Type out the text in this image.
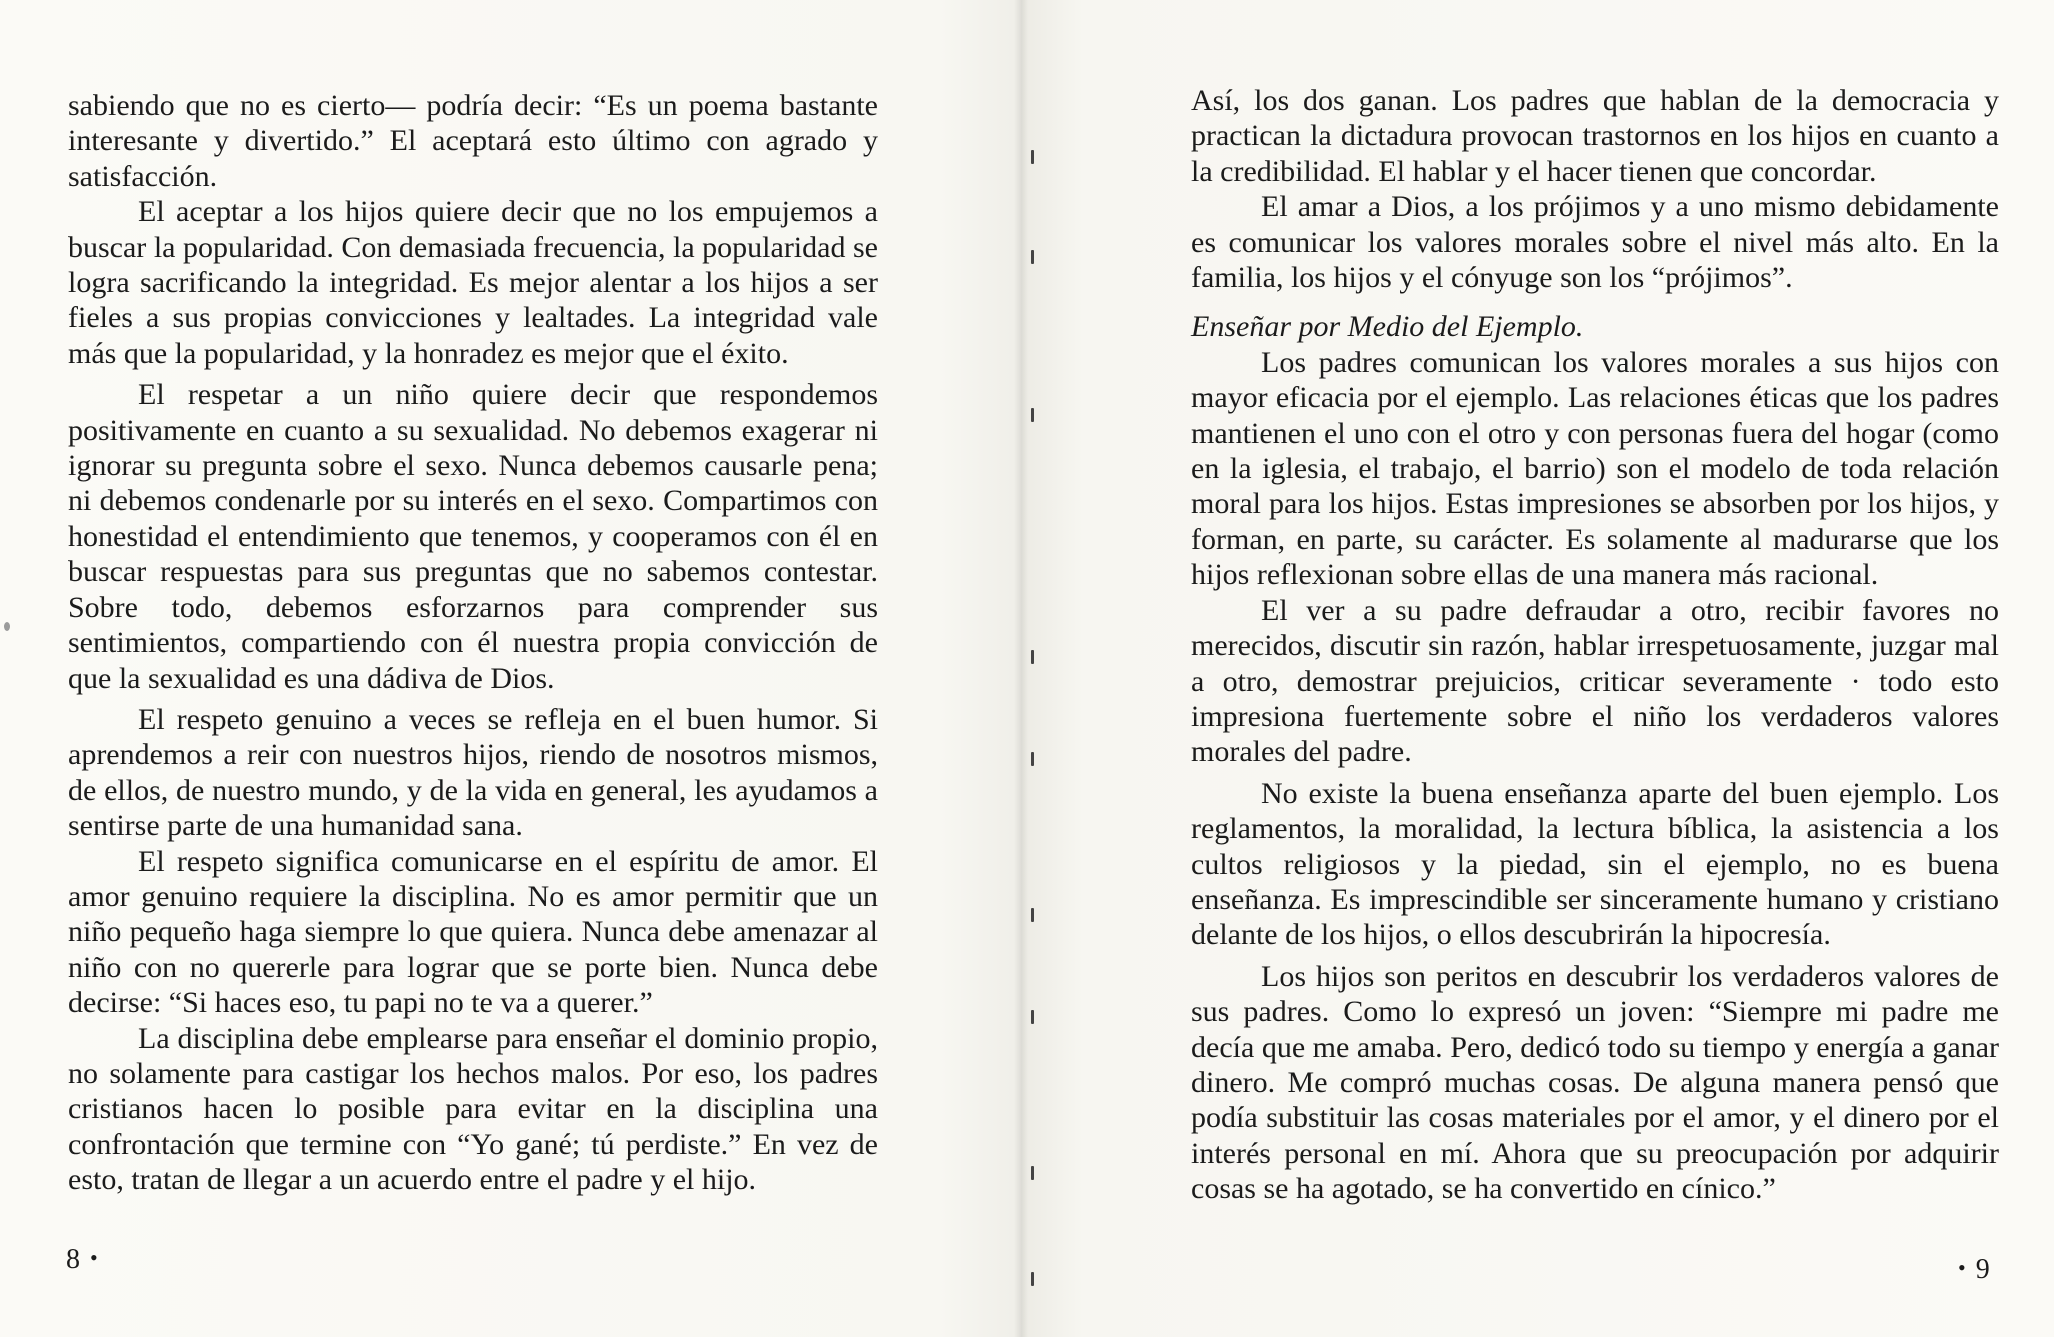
sabiendo que no es cierto— podría decir: “Es un poema bastante interesante y divertido.” El aceptará esto último con agrado y satisfacción.

El aceptar a los hijos quiere decir que no los empujemos a buscar la popularidad. Con demasiada frecuencia, la popularidad se logra sacrificando la integridad. Es mejor alentar a los hijos a ser fieles a sus propias convicciones y lealtades. La integridad vale más que la popularidad, y la honradez es mejor que el éxito.

El respetar a un niño quiere decir que respondemos positivamente en cuanto a su sexualidad. No debemos exagerar ni ignorar su pregunta sobre el sexo. Nunca debemos causarle pena; ni debemos condenarle por su interés en el sexo. Compartimos con honestidad el entendimiento que tenemos, y cooperamos con él en buscar respuestas para sus preguntas que no sabemos contestar. Sobre todo, debemos esforzarnos para comprender sus sentimientos, compartiendo con él nuestra propia convicción de que la sexualidad es una dádiva de Dios.

El respeto genuino a veces se refleja en el buen humor. Si aprendemos a reir con nuestros hijos, riendo de nosotros mismos, de ellos, de nuestro mundo, y de la vida en general, les ayudamos a sentirse parte de una humanidad sana.

El respeto significa comunicarse en el espíritu de amor. El amor genuino requiere la disciplina. No es amor permitir que un niño pequeño haga siempre lo que quiera. Nunca debe amenazar al niño con no quererle para lograr que se porte bien. Nunca debe decirse: “Si haces eso, tu papi no te va a querer.”

La disciplina debe emplearse para enseñar el dominio propio, no solamente para castigar los hechos malos. Por eso, los padres cristianos hacen lo posible para evitar en la disciplina una confrontación que termine con “Yo gané; tú perdiste.” En vez de esto, tratan de llegar a un acuerdo entre el padre y el hijo.

8 •

Así, los dos ganan. Los padres que hablan de la democracia y practican la dictadura provocan trastornos en los hijos en cuanto a la credibilidad. El hablar y el hacer tienen que concordar.

El amar a Dios, a los prójimos y a uno mismo debidamente es comunicar los valores morales sobre el nivel más alto. En la familia, los hijos y el cónyuge son los “prójimos”.

Enseñar por Medio del Ejemplo.

Los padres comunican los valores morales a sus hijos con mayor eficacia por el ejemplo. Las relaciones éticas que los padres mantienen el uno con el otro y con personas fuera del hogar (como en la iglesia, el trabajo, el barrio) son el modelo de toda relación moral para los hijos. Estas impresiones se absorben por los hijos, y forman, en parte, su carácter. Es solamente al madurarse que los hijos reflexionan sobre ellas de una manera más racional.

El ver a su padre defraudar a otro, recibir favores no merecidos, discutir sin razón, hablar irrespetuosamente, juzgar mal a otro, demostrar prejuicios, criticar severamente · todo esto impresiona fuertemente sobre el niño los verdaderos valores morales del padre.

No existe la buena enseñanza aparte del buen ejemplo. Los reglamentos, la moralidad, la lectura bíblica, la asistencia a los cultos religiosos y la piedad, sin el ejemplo, no es buena enseñanza. Es imprescindible ser sinceramente humano y cristiano delante de los hijos, o ellos descubrirán la hipocresía.

Los hijos son peritos en descubrir los verdaderos valores de sus padres. Como lo expresó un joven: “Siempre mi padre me decía que me amaba. Pero, dedicó todo su tiempo y energía a ganar dinero. Me compró muchas cosas. De alguna manera pensó que podía substituir las cosas materiales por el amor, y el dinero por el interés personal en mí. Ahora que su preocupación por adquirir cosas se ha agotado, se ha convertido en cínico.”

• 9
